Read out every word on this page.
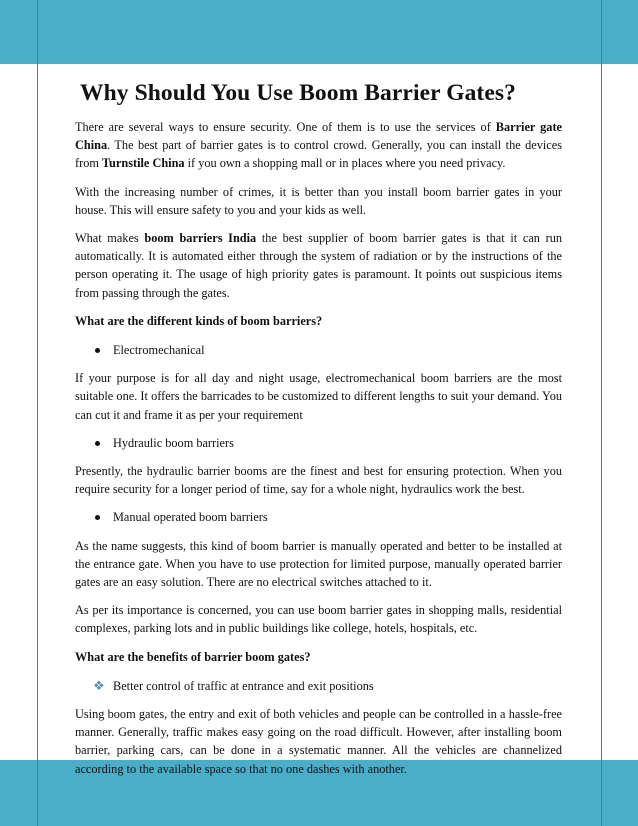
Why Should You Use Boom Barrier Gates?

There are several ways to ensure security. One of them is to use the services of Barrier gate China. The best part of barrier gates is to control crowd. Generally, you can install the devices from Turnstile China if you own a shopping mall or in places where you need privacy.

With the increasing number of crimes, it is better than you install boom barrier gates in your house. This will ensure safety to you and your kids as well.

What makes boom barriers India the best supplier of boom barrier gates is that it can run automatically. It is automated either through the system of radiation or by the instructions of the person operating it. The usage of high priority gates is paramount. It points out suspicious items from passing through the gates.

What are the different kinds of boom barriers?

Electromechanical

If your purpose is for all day and night usage, electromechanical boom barriers are the most suitable one. It offers the barricades to be customized to different lengths to suit your demand. You can cut it and frame it as per your requirement

Hydraulic boom barriers

Presently, the hydraulic barrier booms are the finest and best for ensuring protection. When you require security for a longer period of time, say for a whole night, hydraulics work the best.

Manual operated boom barriers

As the name suggests, this kind of boom barrier is manually operated and better to be installed at the entrance gate. When you have to use protection for limited purpose, manually operated barrier gates are an easy solution. There are no electrical switches attached to it.

As per its importance is concerned, you can use boom barrier gates in shopping malls, residential complexes, parking lots and in public buildings like college, hotels, hospitals, etc.

What are the benefits of barrier boom gates?

❖ Better control of traffic at entrance and exit positions

Using boom gates, the entry and exit of both vehicles and people can be controlled in a hassle-free manner. Generally, traffic makes easy going on the road difficult. However, after installing boom barrier, parking cars, can be done in a systematic manner. All the vehicles are channelized according to the available space so that no one dashes with another.
